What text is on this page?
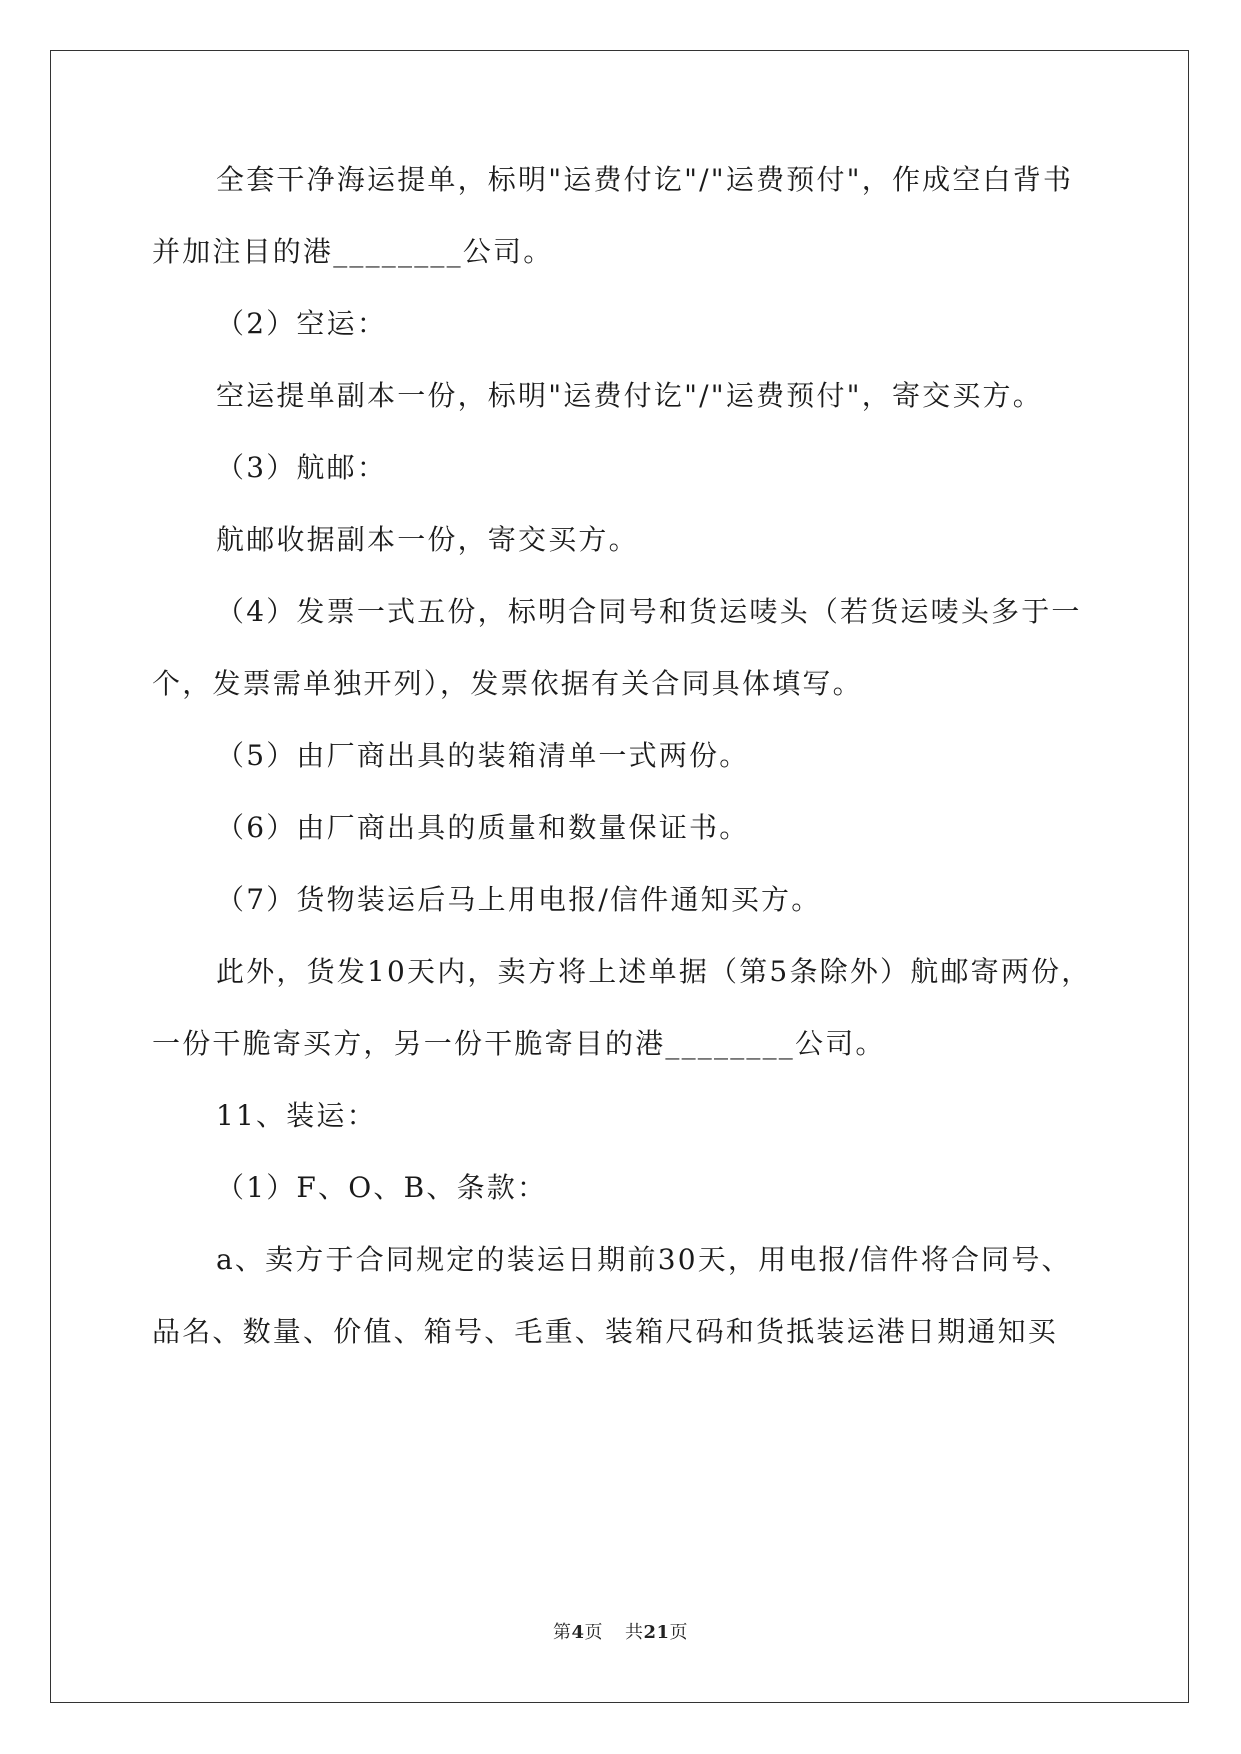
全套干净海运提单，标明"运费付讫"/"运费预付"，作成空白背书
并加注目的港________公司。
（2）空运：
空运提单副本一份，标明"运费付讫"/"运费预付"，寄交买方。
（3）航邮：
航邮收据副本一份，寄交买方。
（4）发票一式五份，标明合同号和货运唛头（若货运唛头多于一
个，发票需单独开列），发票依据有关合同具体填写。
（5）由厂商出具的装箱清单一式两份。
（6）由厂商出具的质量和数量保证书。
（7）货物装运后马上用电报/信件通知买方。
此外，货发10天内，卖方将上述单据（第5条除外）航邮寄两份，
一份干脆寄买方，另一份干脆寄目的港________公司。
11、装运：
（1）F、O、B、条款：
a、卖方于合同规定的装运日期前30天，用电报/信件将合同号、
品名、数量、价值、箱号、毛重、装箱尺码和货抵装运港日期通知买
第4页 共21页
